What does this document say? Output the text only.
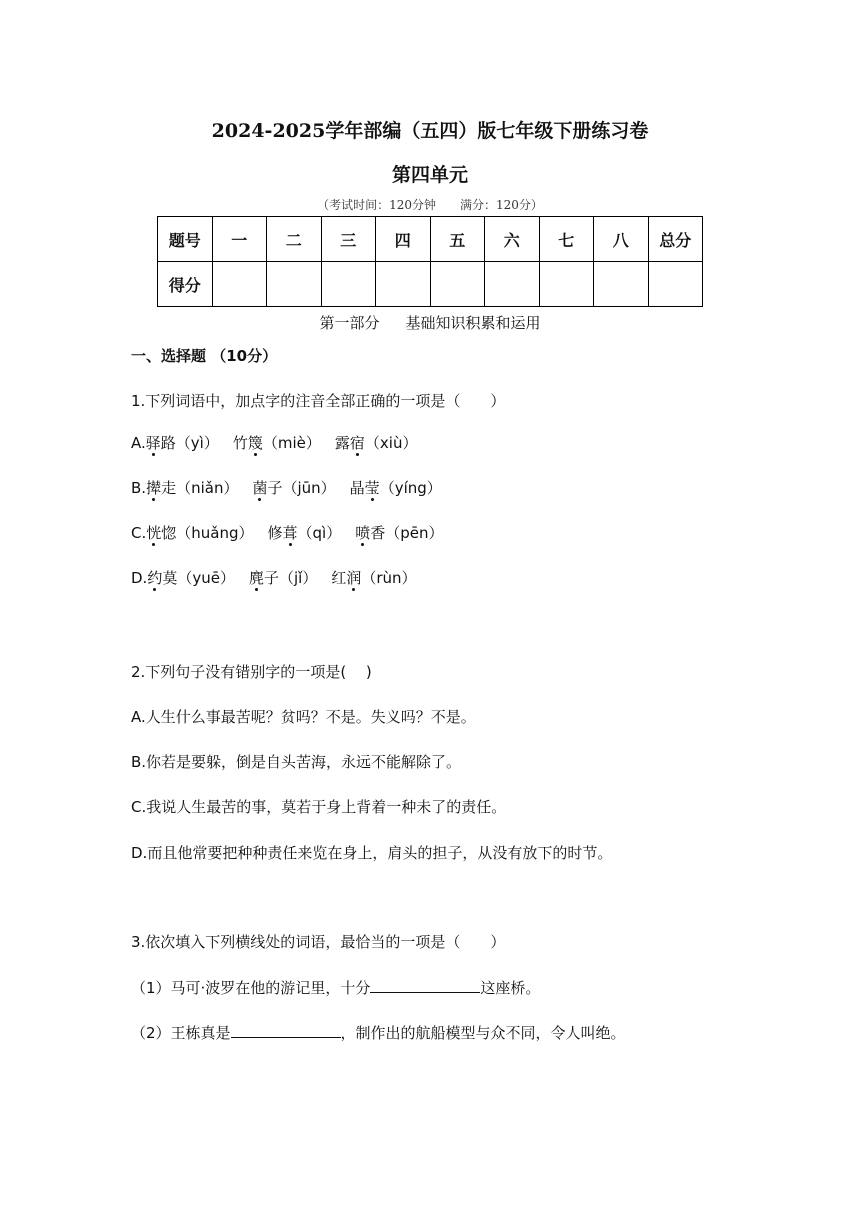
2024-2025学年部编（五四）版七年级下册练习卷
第四单元
（考试时间：120分钟　　满分：120分）
题号	一	二	三	四	五	六	七	八	总分
得分									
第一部分 基础知识积累和运用
一、选择题 （10分）
1.下列词语中，加点字的注音全部正确的一项是（　　）
A.驿路（yì） 竹篾（miè） 露宿（xiù）
B.撵走（niǎn） 菌子（jūn） 晶莹（yíng）
C.恍惚（huǎng） 修葺（qì） 喷香（pēn）
D.约莫（yuē） 麂子（jǐ） 红润（rùn）
2.下列句子没有错别字的一项是(　 )
A.人生什么事最苦呢？贫吗？不是。失义吗？不是。
B.你若是要躲，倒是自头苦海，永远不能解除了。
C.我说人生最苦的事，莫若于身上背着一种未了的责任。
D.而且他常要把种种责任来览在身上，肩头的担子，从没有放下的时节。
3.依次填入下列横线处的词语，最恰当的一项是（　　）
（1）马可·波罗在他的游记里，十分	这座桥。
（2）王栋真是	，制作出的航船模型与众不同，令人叫绝。
